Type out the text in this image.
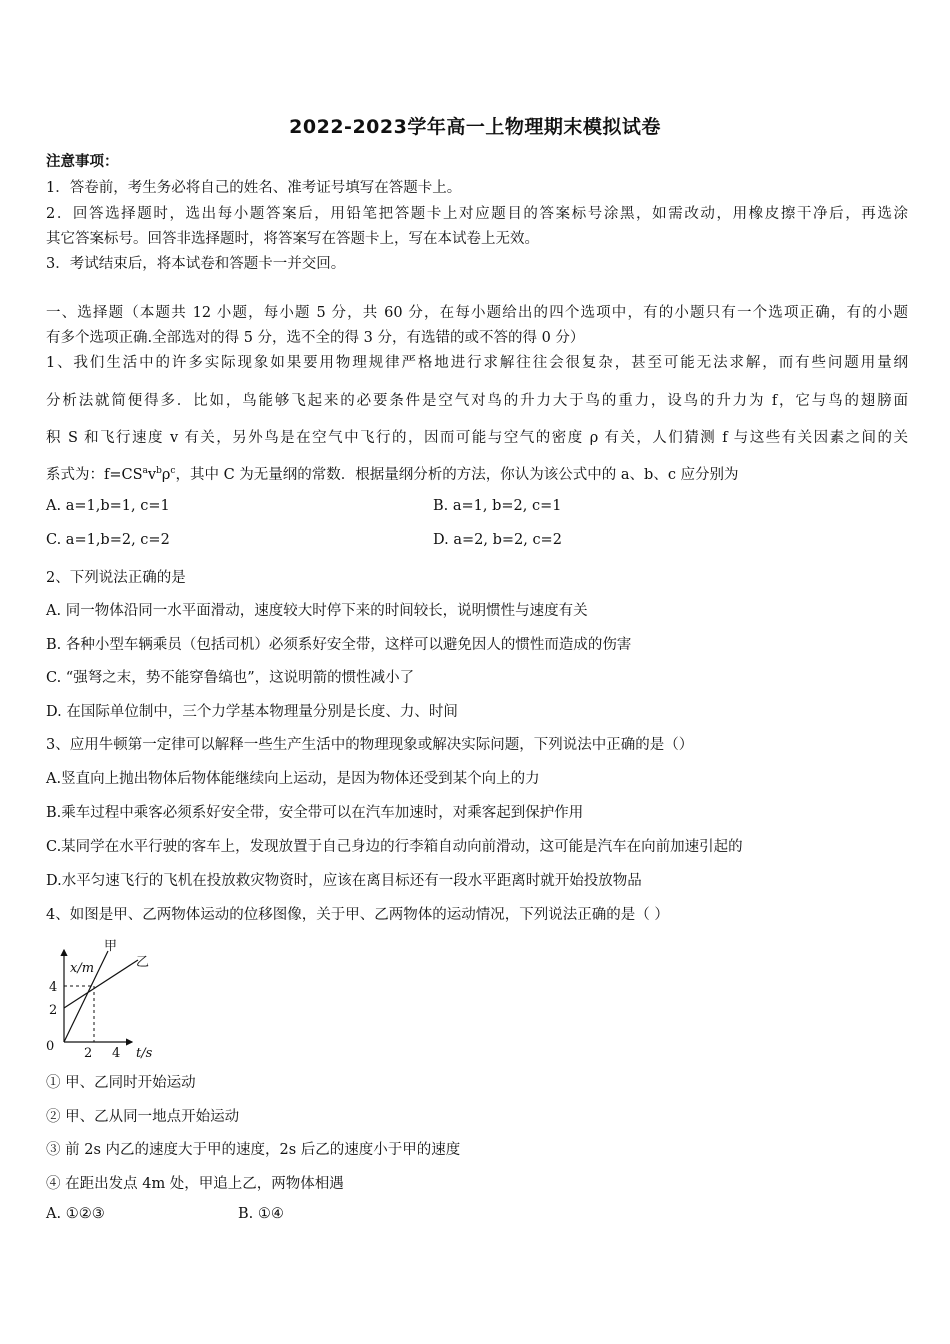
2022-2023学年高一上物理期末模拟试卷
注意事项：
1．答卷前，考生务必将自己的姓名、准考证号填写在答题卡上。
2．回答选择题时，选出每小题答案后，用铅笔把答题卡上对应题目的答案标号涂黑，如需改动，用橡皮擦干净后，再选涂
其它答案标号。回答非选择题时，将答案写在答题卡上，写在本试卷上无效。
3．考试结束后，将本试卷和答题卡一并交回。
一、选择题（本题共 12 小题，每小题 5 分，共 60 分，在每小题给出的四个选项中，有的小题只有一个选项正确，有的小题
有多个选项正确.全部选对的得 5 分，选不全的得 3 分，有选错的或不答的得 0 分）
1、我们生活中的许多实际现象如果要用物理规律严格地进行求解往往会很复杂，甚至可能无法求解，而有些问题用量纲
分析法就简便得多．比如，鸟能够飞起来的必要条件是空气对鸟的升力大于鸟的重力，设鸟的升力为 f，它与鸟的翅膀面
积 S 和飞行速度 v 有关，另外鸟是在空气中飞行的，因而可能与空气的密度 ρ 有关，人们猜测 f 与这些有关因素之间的关
系式为：$f=CS^av^b\rho^c$，其中 C 为无量纲的常数．根据量纲分析的方法，你认为该公式中的 a、b、c 应分别为
A. a=1,b=1, c=1	B. a=1, b=2, c=1
C. a=1,b=2, c=2	D. a=2, b=2, c=2
2、下列说法正确的是
A. 同一物体沿同一水平面滑动，速度较大时停下来的时间较长，说明惯性与速度有关
B. 各种小型车辆乘员（包括司机）必须系好安全带，这样可以避免因人的惯性而造成的伤害
C. “强弩之末，势不能穿鲁缟也”，这说明箭的惯性减小了
D. 在国际单位制中，三个力学基本物理量分别是长度、力、时间
3、应用牛顿第一定律可以解释一些生产生活中的物理现象或解决实际问题，下列说法中正确的是（）
A.竖直向上抛出物体后物体能继续向上运动，是因为物体还受到某个向上的力
B.乘车过程中乘客必须系好安全带，安全带可以在汽车加速时，对乘客起到保护作用
C.某同学在水平行驶的客车上，发现放置于自己身边的行李箱自动向前滑动，这可能是汽车在向前加速引起的
D.水平匀速飞行的飞机在投放救灾物资时，应该在离目标还有一段水平距离时就开始投放物品
4、如图是甲、乙两物体运动的位移图像，关于甲、乙两物体的运动情况，下列说法正确的是（ ）
甲
乙
x/m
4
2
0 2 4 t/s
① 甲、乙同时开始运动
② 甲、乙从同一地点开始运动
③ 前 2s 内乙的速度大于甲的速度，2s 后乙的速度小于甲的速度
④ 在距出发点 4m 处，甲追上乙，两物体相遇
A. ①②③	B. ①④
